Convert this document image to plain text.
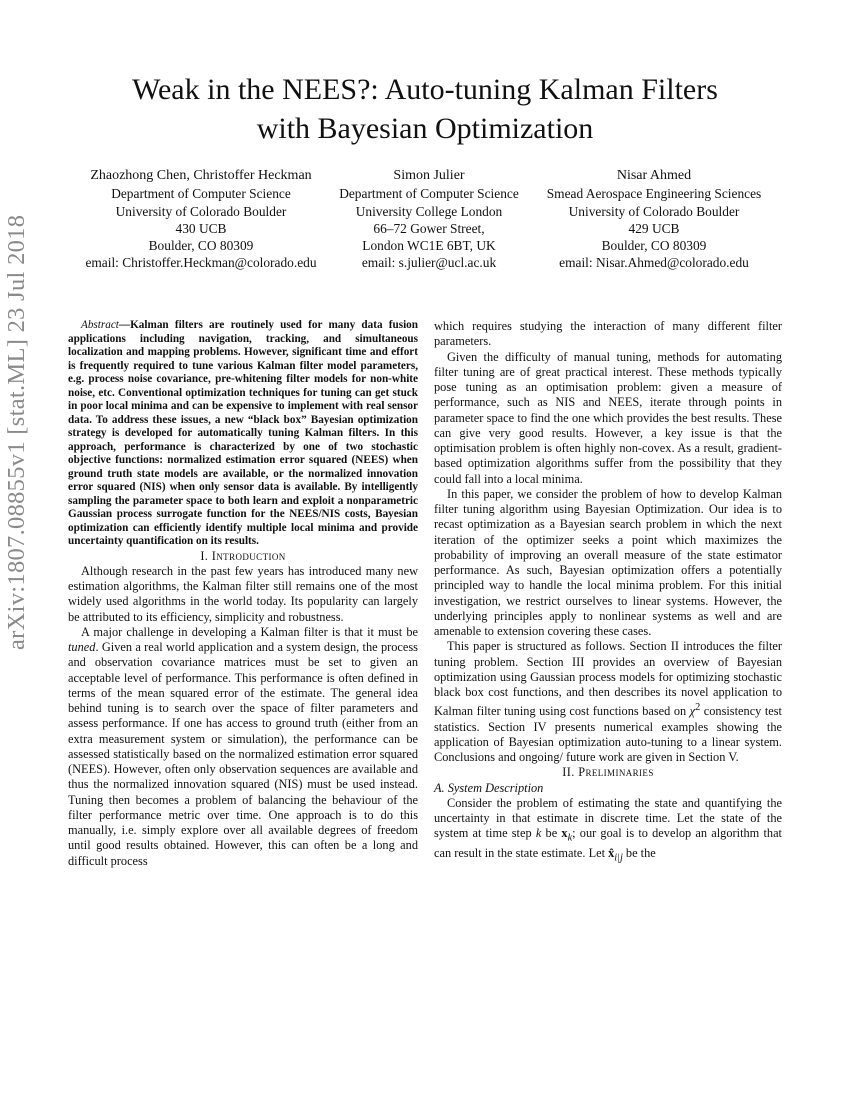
arXiv:1807.08855v1 [stat.ML] 23 Jul 2018
Weak in the NEES?: Auto-tuning Kalman Filters
with Bayesian Optimization
Zhaozhong Chen, Christoffer Heckman
Department of Computer Science
University of Colorado Boulder
430 UCB
Boulder, CO 80309
email: Christoffer.Heckman@colorado.edu
Simon Julier
Department of Computer Science
University College London
66–72 Gower Street,
London WC1E 6BT, UK
email: s.julier@ucl.ac.uk
Nisar Ahmed
Smead Aerospace Engineering Sciences
University of Colorado Boulder
429 UCB
Boulder, CO 80309
email: Nisar.Ahmed@colorado.edu

Abstract—Kalman filters are routinely used for many data fusion applications including navigation, tracking, and simultaneous localization and mapping problems. However, significant time and effort is frequently required to tune various Kalman filter model parameters, e.g. process noise covariance, pre-whitening filter models for non-white noise, etc. Conventional optimization techniques for tuning can get stuck in poor local minima and can be expensive to implement with real sensor data. To address these issues, a new “black box” Bayesian optimization strategy is developed for automatically tuning Kalman filters. In this approach, performance is characterized by one of two stochastic objective functions: normalized estimation error squared (NEES) when ground truth state models are available, or the normalized innovation error squared (NIS) when only sensor data is available. By intelligently sampling the parameter space to both learn and exploit a nonparametric Gaussian process surrogate function for the NEES/NIS costs, Bayesian optimization can efficiently identify multiple local minima and provide uncertainty quantification on its results.

I. Introduction

Although research in the past few years has introduced many new estimation algorithms, the Kalman filter still remains one of the most widely used algorithms in the world today. Its popularity can largely be attributed to its efficiency, simplicity and robustness.

A major challenge in developing a Kalman filter is that it must be tuned. Given a real world application and a system design, the process and observation covariance matrices must be set to given an acceptable level of performance. This performance is often defined in terms of the mean squared error of the estimate. The general idea behind tuning is to search over the space of filter parameters and assess performance. If one has access to ground truth (either from an extra measurement system or simulation), the performance can be assessed statistically based on the normalized estimation error squared (NEES). However, often only observation sequences are available and thus the normalized innovation squared (NIS) must be used instead. Tuning then becomes a problem of balancing the behaviour of the filter performance metric over time. One approach is to do this manually, i.e. simply explore over all available degrees of freedom until good results obtained. However, this can often be a long and difficult process

which requires studying the interaction of many different filter parameters.

Given the difficulty of manual tuning, methods for automating filter tuning are of great practical interest. These methods typically pose tuning as an optimisation problem: given a measure of performance, such as NIS and NEES, iterate through points in parameter space to find the one which provides the best results. These can give very good results. However, a key issue is that the optimisation problem is often highly non-covex. As a result, gradient-based optimization algorithms suffer from the possibility that they could fall into a local minima.

In this paper, we consider the problem of how to develop Kalman filter tuning algorithm using Bayesian Optimization. Our idea is to recast optimization as a Bayesian search problem in which the next iteration of the optimizer seeks a point which maximizes the probability of improving an overall measure of the state estimator performance. As such, Bayesian optimization offers a potentially principled way to handle the local minima problem. For this initial investigation, we restrict ourselves to linear systems. However, the underlying principles apply to nonlinear systems as well and are amenable to extension covering these cases.

This paper is structured as follows. Section II introduces the filter tuning problem. Section III provides an overview of Bayesian optimization using Gaussian process models for optimizing stochastic black box cost functions, and then describes its novel application to Kalman filter tuning using cost functions based on $\chi^2$ consistency test statistics. Section IV presents numerical examples showing the application of Bayesian optimization auto-tuning to a linear system. Conclusions and ongoing/ future work are given in Section V.

II. Preliminaries

A. System Description

Consider the problem of estimating the state and quantifying the uncertainty in that estimate in discrete time. Let the state of the system at time step k be $x_k$; our goal is to develop an algorithm that can result in the state estimate. Let $x̂_{i|j}$ be the
